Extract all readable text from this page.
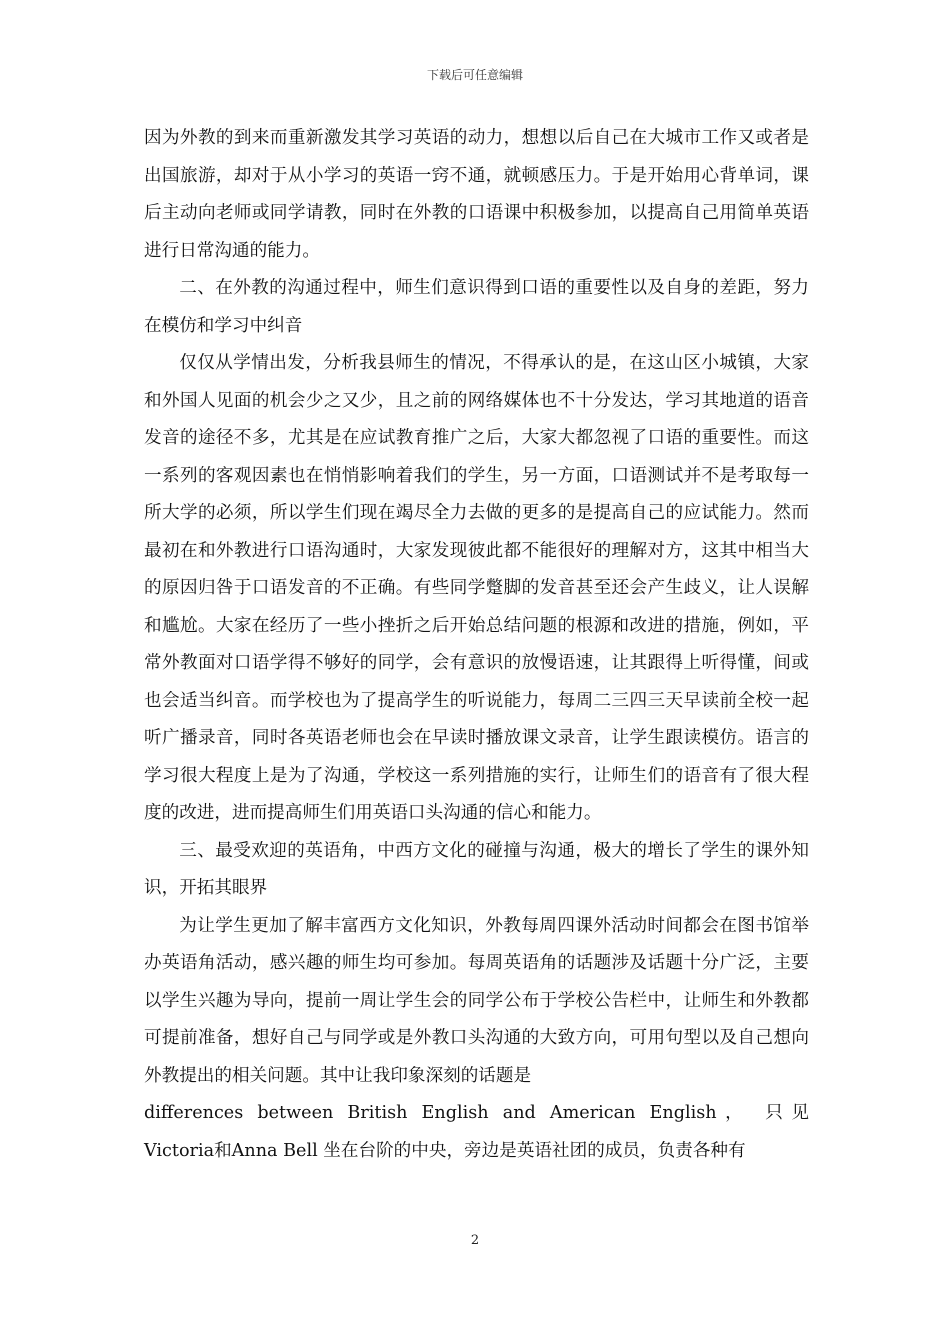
下载后可任意编辑

因为外教的到来而重新激发其学习英语的动力，想想以后自己在大城市工作又或者是出国旅游，却对于从小学习的英语一窍不通，就顿感压力。于是开始用心背单词，课后主动向老师或同学请教，同时在外教的口语课中积极参加，以提高自己用简单英语进行日常沟通的能力。

二、在外教的沟通过程中，师生们意识得到口语的重要性以及自身的差距，努力在模仿和学习中纠音

仅仅从学情出发，分析我县师生的情况，不得承认的是，在这山区小城镇，大家和外国人见面的机会少之又少，且之前的网络媒体也不十分发达，学习其地道的语音发音的途径不多，尤其是在应试教育推广之后，大家大都忽视了口语的重要性。而这一系列的客观因素也在悄悄影响着我们的学生，另一方面，口语测试并不是考取每一所大学的必须，所以学生们现在竭尽全力去做的更多的是提高自己的应试能力。然而最初在和外教进行口语沟通时，大家发现彼此都不能很好的理解对方，这其中相当大的原因归咎于口语发音的不正确。有些同学蹩脚的发音甚至还会产生歧义，让人误解和尴尬。大家在经历了一些小挫折之后开始总结问题的根源和改进的措施，例如，平常外教面对口语学得不够好的同学，会有意识的放慢语速，让其跟得上听得懂，间或也会适当纠音。而学校也为了提高学生的听说能力，每周二三四三天早读前全校一起听广播录音，同时各英语老师也会在早读时播放课文录音，让学生跟读模仿。语言的学习很大程度上是为了沟通，学校这一系列措施的实行，让师生们的语音有了很大程度的改进，进而提高师生们用英语口头沟通的信心和能力。

三、最受欢迎的英语角，中西方文化的碰撞与沟通，极大的增长了学生的课外知识，开拓其眼界

为让学生更加了解丰富西方文化知识，外教每周四课外活动时间都会在图书馆举办英语角活动，感兴趣的师生均可参加。每周英语角的话题涉及话题十分广泛，主要以学生兴趣为导向，提前一周让学生会的同学公布于学校公告栏中，让师生和外教都可提前准备，想好自己与同学或是外教口头沟通的大致方向，可用句型以及自己想向外教提出的相关问题。其中让我印象深刻的话题是

differences between British English and American English， 只见

Victoria和Anna Bell 坐在台阶的中央，旁边是英语社团的成员，负责各种有

2
